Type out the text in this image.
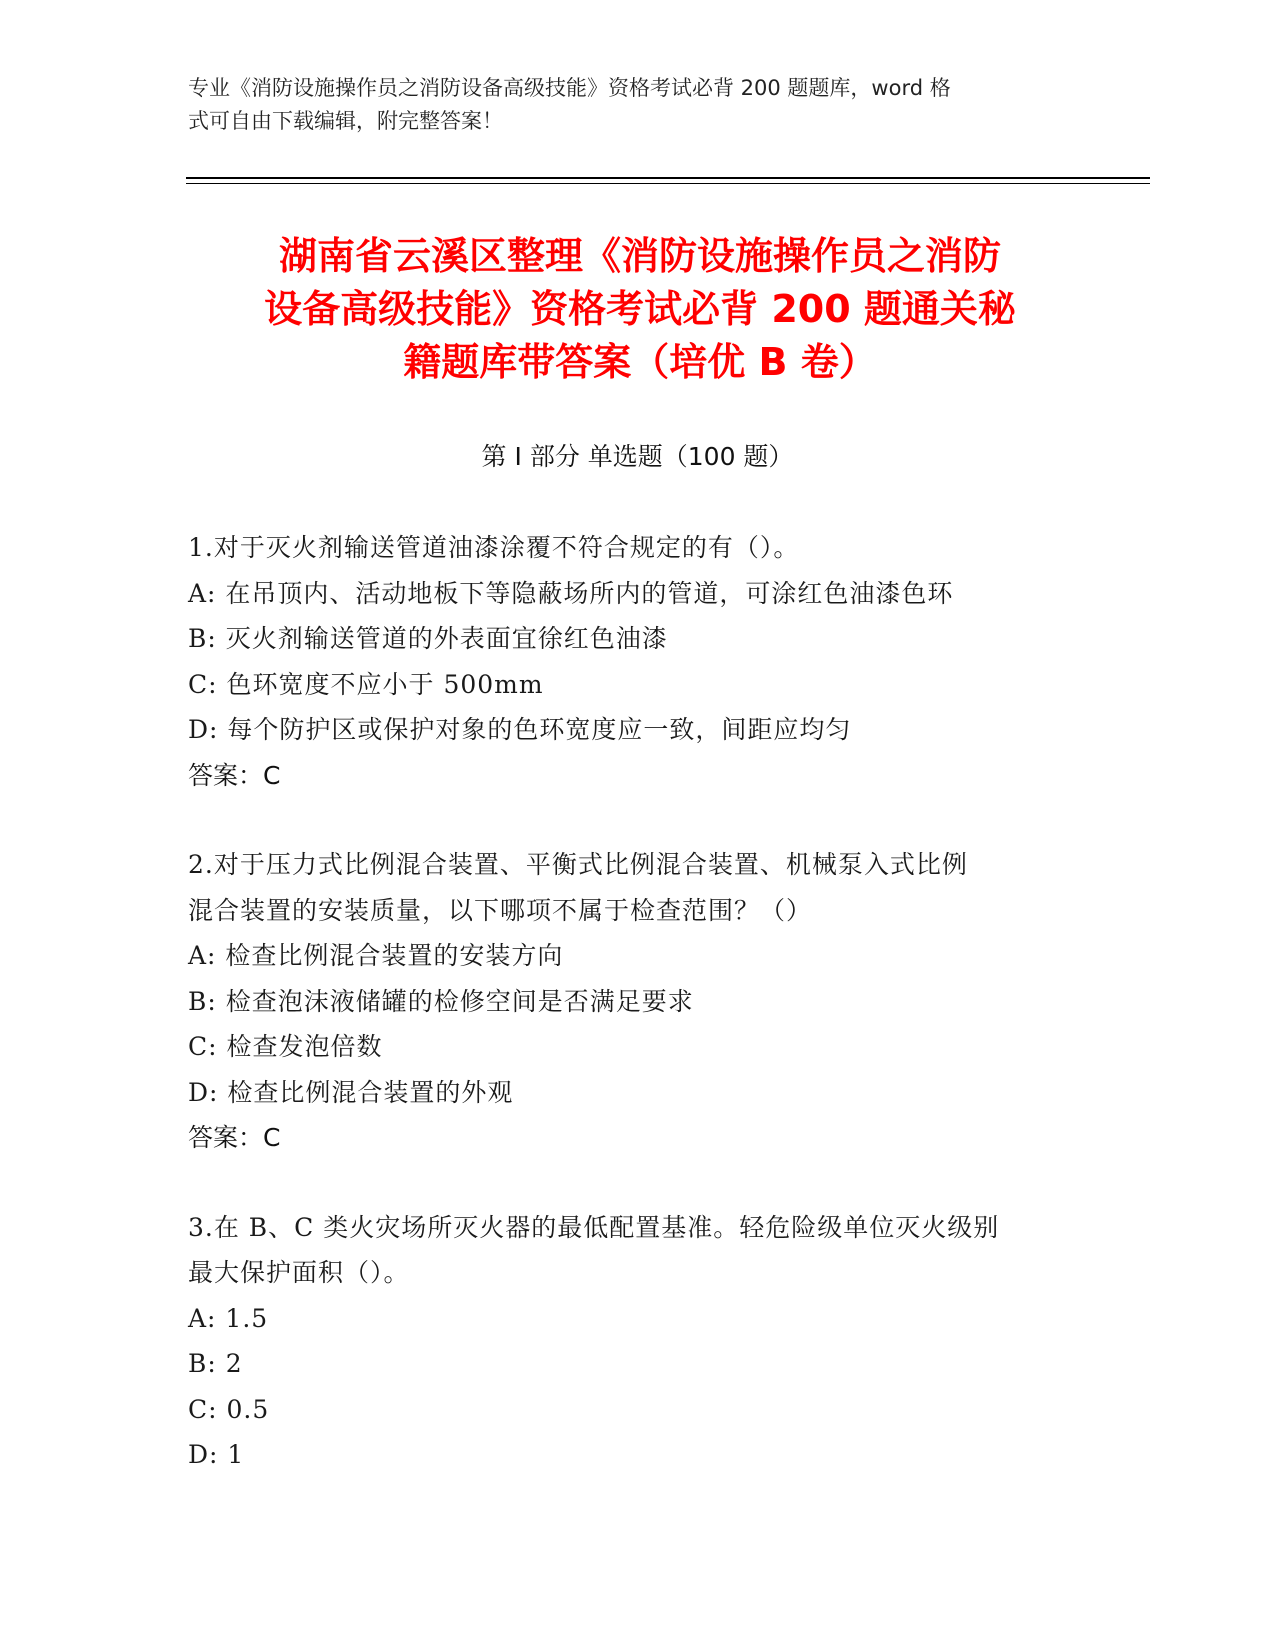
专业《消防设施操作员之消防设备高级技能》资格考试必背 200 题题库，word 格
式可自由下载编辑，附完整答案！
湖南省云溪区整理《消防设施操作员之消防
设备高级技能》资格考试必背 200 题通关秘
籍题库带答案（培优 B 卷）
第 I 部分 单选题（100 题）
1.对于灭火剂输送管道油漆涂覆不符合规定的有（）。
A: 在吊顶内、活动地板下等隐蔽场所内的管道，可涂红色油漆色环
B: 灭火剂输送管道的外表面宜徐红色油漆
C: 色环宽度不应小于 500mm
D: 每个防护区或保护对象的色环宽度应一致，间距应均匀
答案：C
2.对于压力式比例混合装置、平衡式比例混合装置、机械泵入式比例
混合装置的安装质量，以下哪项不属于检查范围？（）
A: 检查比例混合装置的安装方向
B: 检查泡沫液储罐的检修空间是否满足要求
C: 检查发泡倍数
D: 检查比例混合装置的外观
答案：C
3.在 B、C 类火灾场所灭火器的最低配置基准。轻危险级单位灭火级别
最大保护面积（）。
A: 1.5
B: 2
C: 0.5
D: 1
